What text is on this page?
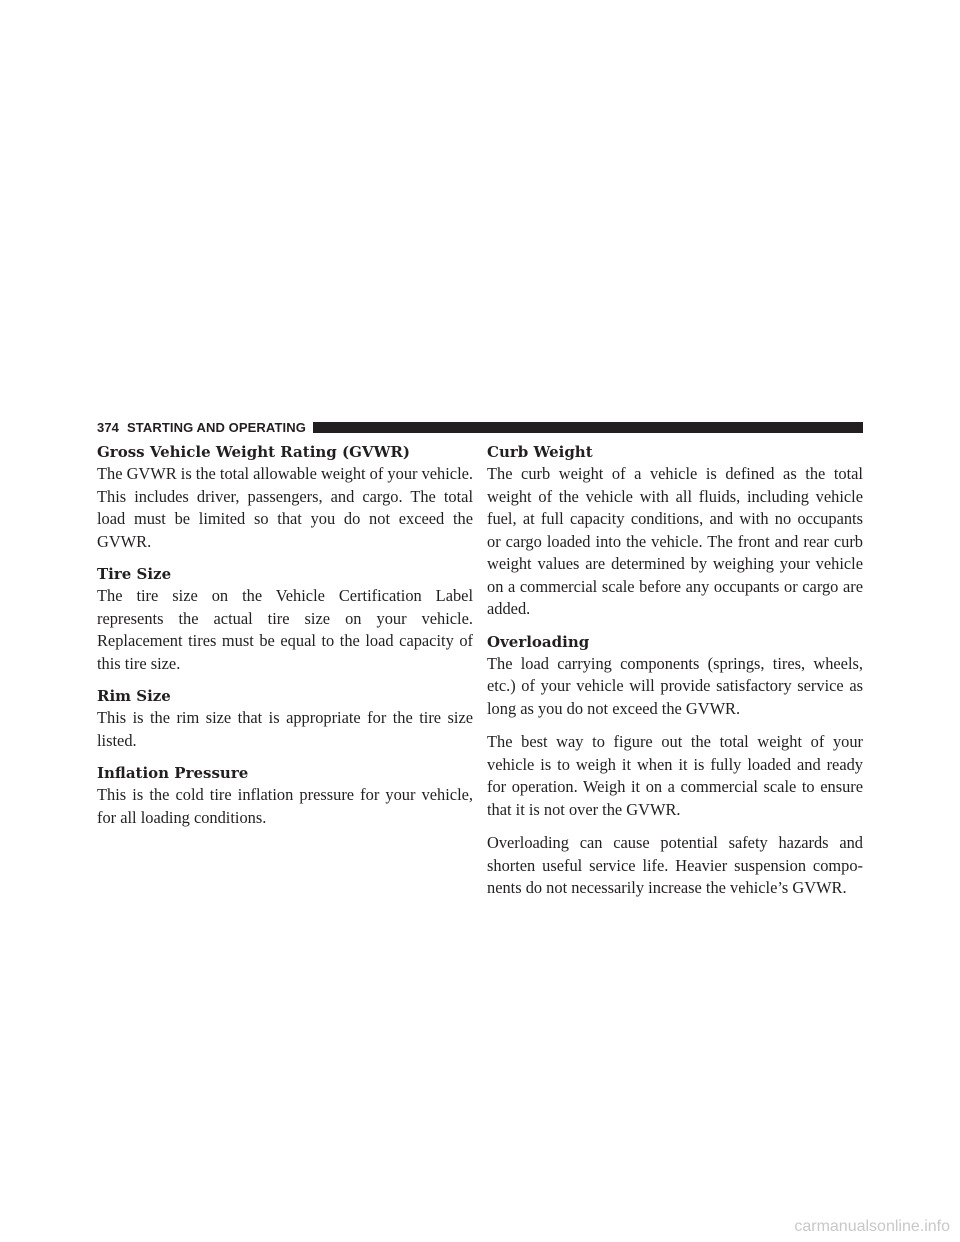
374 STARTING AND OPERATING
Gross Vehicle Weight Rating (GVWR)

The GVWR is the total allowable weight of your vehicle. This includes driver, passengers, and cargo. The total load must be limited so that you do not exceed the GVWR.

Tire Size

The tire size on the Vehicle Certification Label represents the actual tire size on your vehicle. Replacement tires must be equal to the load capacity of this tire size.

Rim Size

This is the rim size that is appropriate for the tire size listed.

Inflation Pressure

This is the cold tire inflation pressure for your vehicle, for all loading conditions.

Curb Weight

The curb weight of a vehicle is defined as the total weight of the vehicle with all fluids, including vehicle fuel, at full capacity conditions, and with no occupants or cargo loaded into the vehicle. The front and rear curb weight values are determined by weighing your vehicle on a commercial scale before any occupants or cargo are added.

Overloading

The load carrying components (springs, tires, wheels, etc.) of your vehicle will provide satisfactory service as long as you do not exceed the GVWR.

The best way to figure out the total weight of your vehicle is to weigh it when it is fully loaded and ready for operation. Weigh it on a commercial scale to ensure that it is not over the GVWR.

Overloading can cause potential safety hazards and shorten useful service life. Heavier suspension compo-nents do not necessarily increase the vehicle’s GVWR.

carmanualsonline.info
